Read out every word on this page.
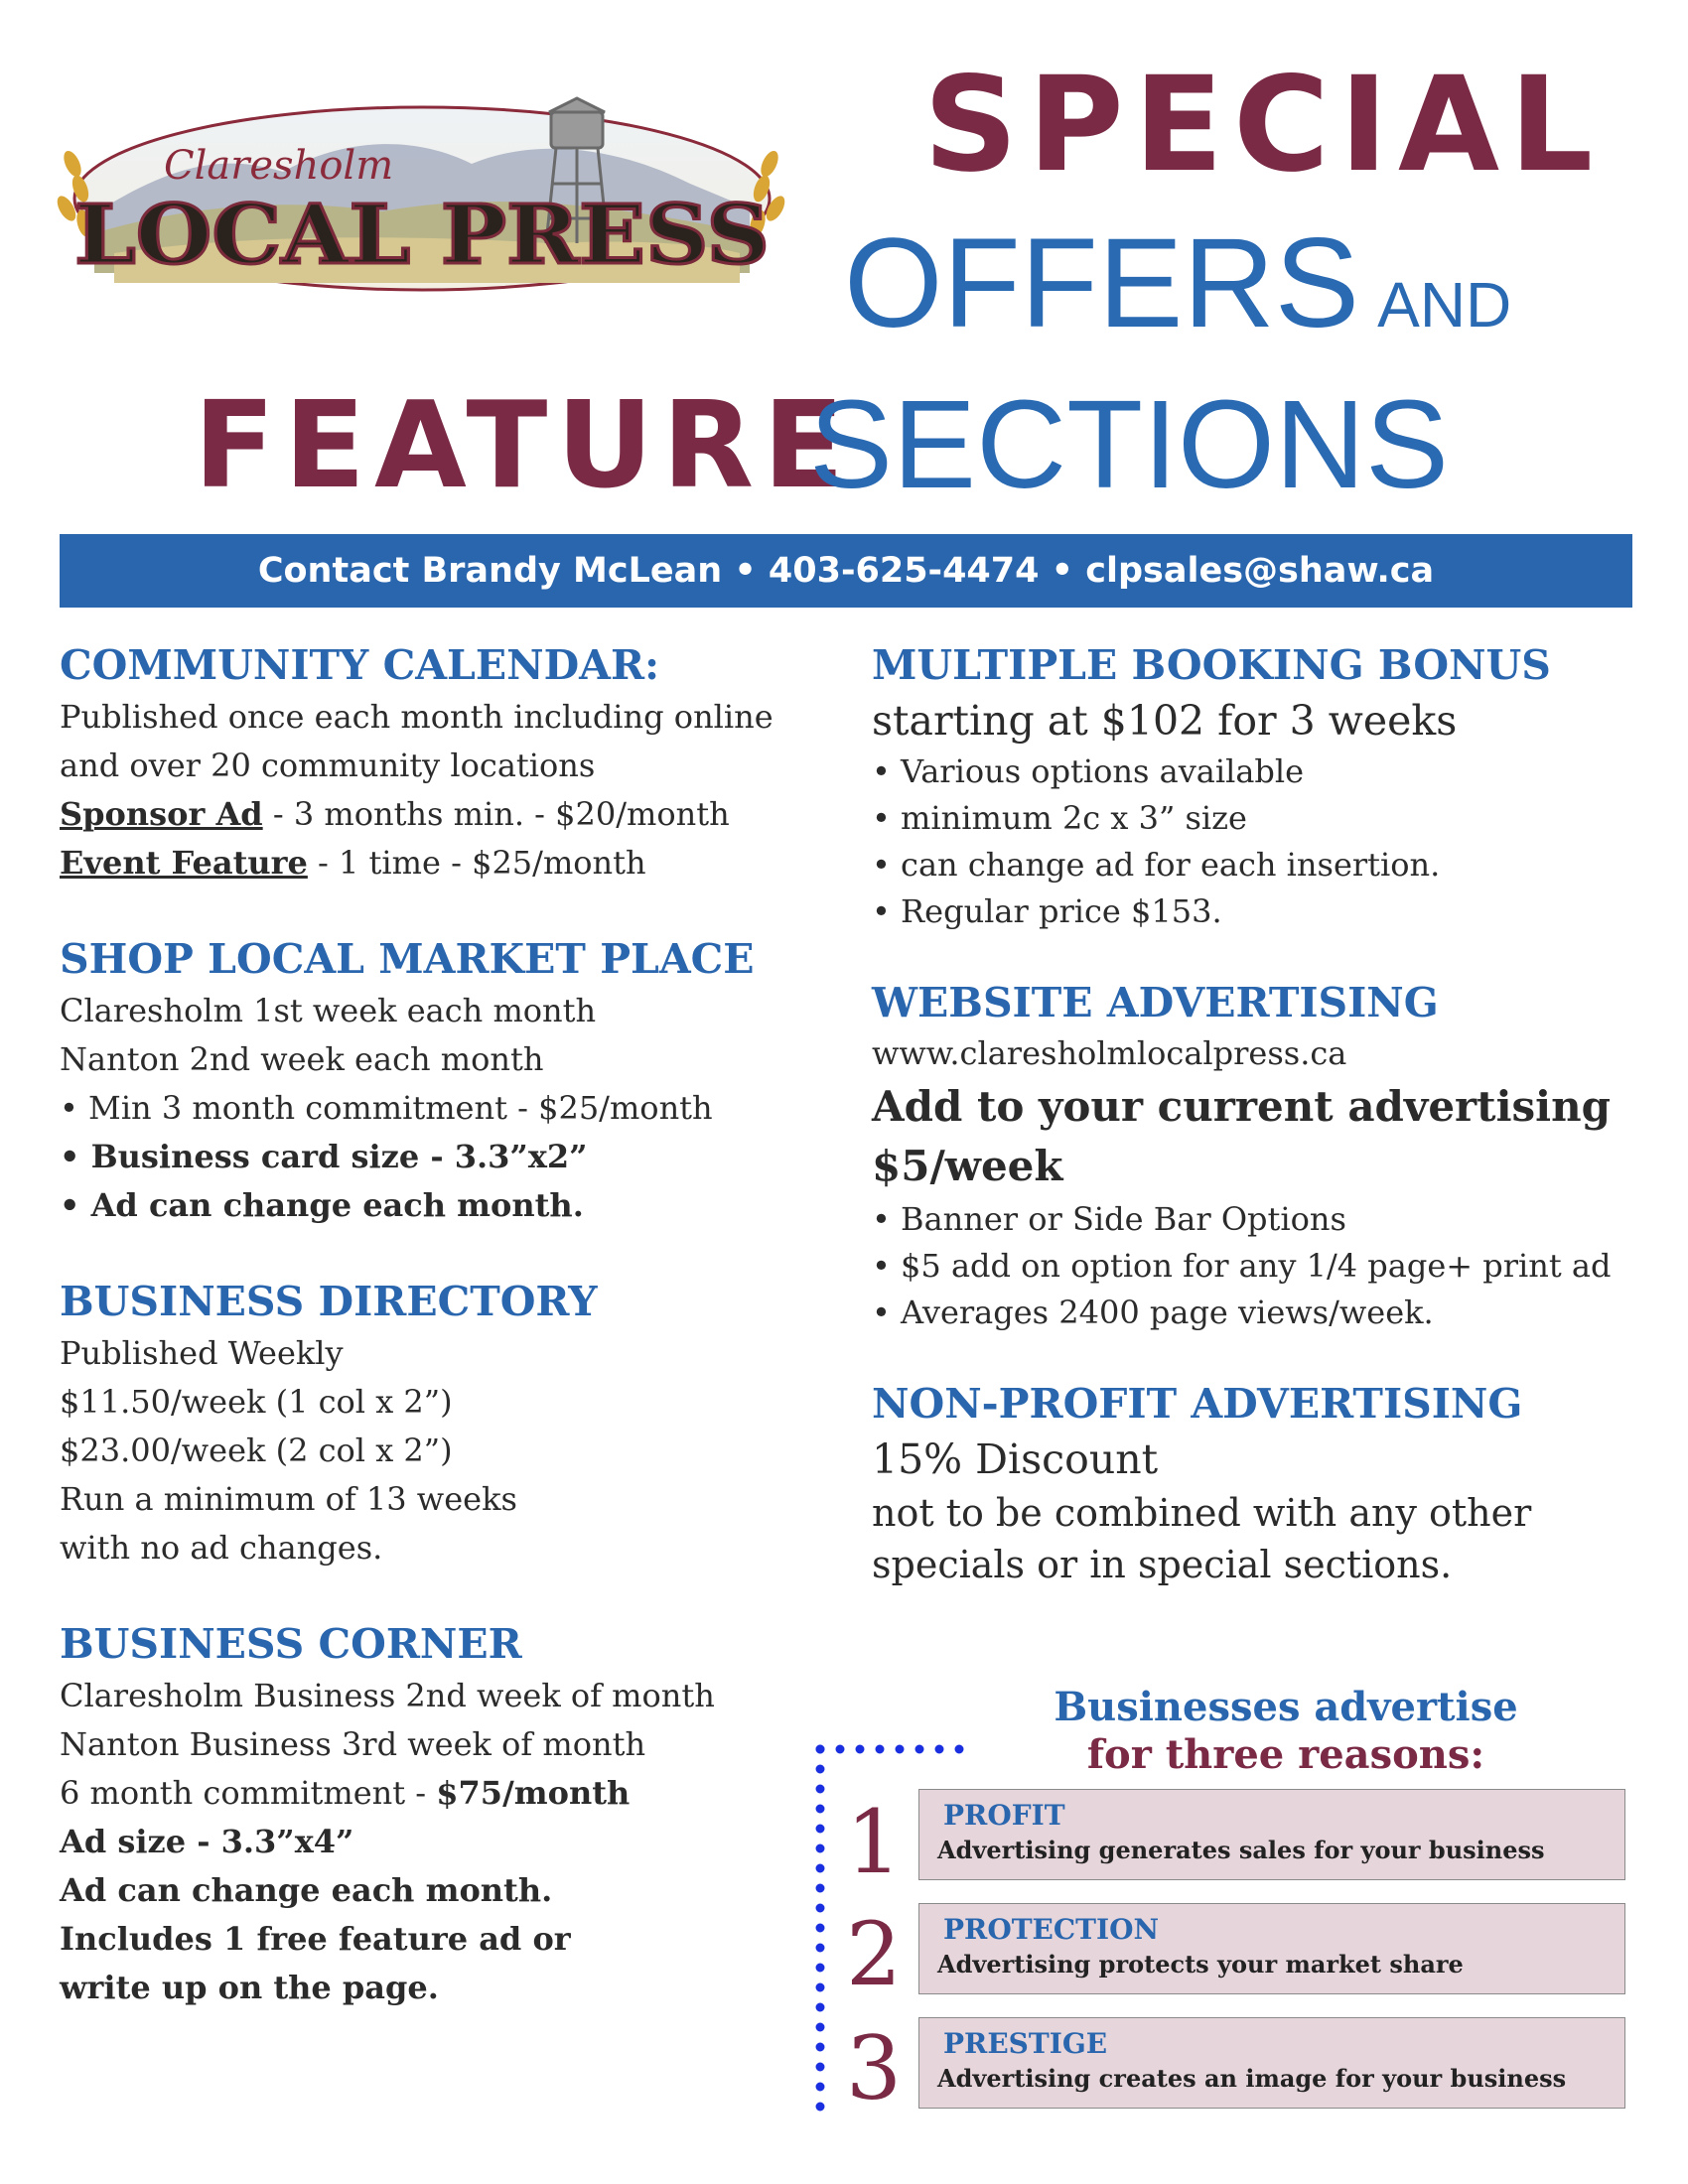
Claresholm
LOCAL PRESS
SPECIAL
OFFERS AND
FEATURE
SECTIONS
Contact Brandy McLean • 403-625-4474 • clpsales@shaw.ca
COMMUNITY CALENDAR:
Published once each month including online
and over 20 community locations
Sponsor Ad - 3 months min. - $20/month
Event Feature - 1 time - $25/month
SHOP LOCAL MARKET PLACE
Claresholm 1st week each month
Nanton 2nd week each month
• Min 3 month commitment - $25/month
• Business card size - 3.3”x2”
• Ad can change each month.
BUSINESS DIRECTORY
Published Weekly
$11.50/week (1 col x 2”)
$23.00/week (2 col x 2”)
Run a minimum of 13 weeks
with no ad changes.
BUSINESS CORNER
Claresholm Business 2nd week of month
Nanton Business 3rd week of month
6 month commitment - $75/month
Ad size - 3.3”x4”
Ad can change each month.
Includes 1 free feature ad or
write up on the page.
MULTIPLE BOOKING BONUS
starting at $102 for 3 weeks
• Various options available
• minimum 2c x 3” size
• can change ad for each insertion.
• Regular price $153.
WEBSITE ADVERTISING
www.claresholmlocalpress.ca
Add to your current advertising
$5/week
• Banner or Side Bar Options
• $5 add on option for any 1/4 page+ print ad
• Averages 2400 page views/week.
NON-PROFIT ADVERTISING
15% Discount
not to be combined with any other
specials or in special sections.
Businesses advertise
for three reasons:
1
2
3
PROFIT
Advertising generates sales for your business
PROTECTION
Advertising protects your market share
PRESTIGE
Advertising creates an image for your business
